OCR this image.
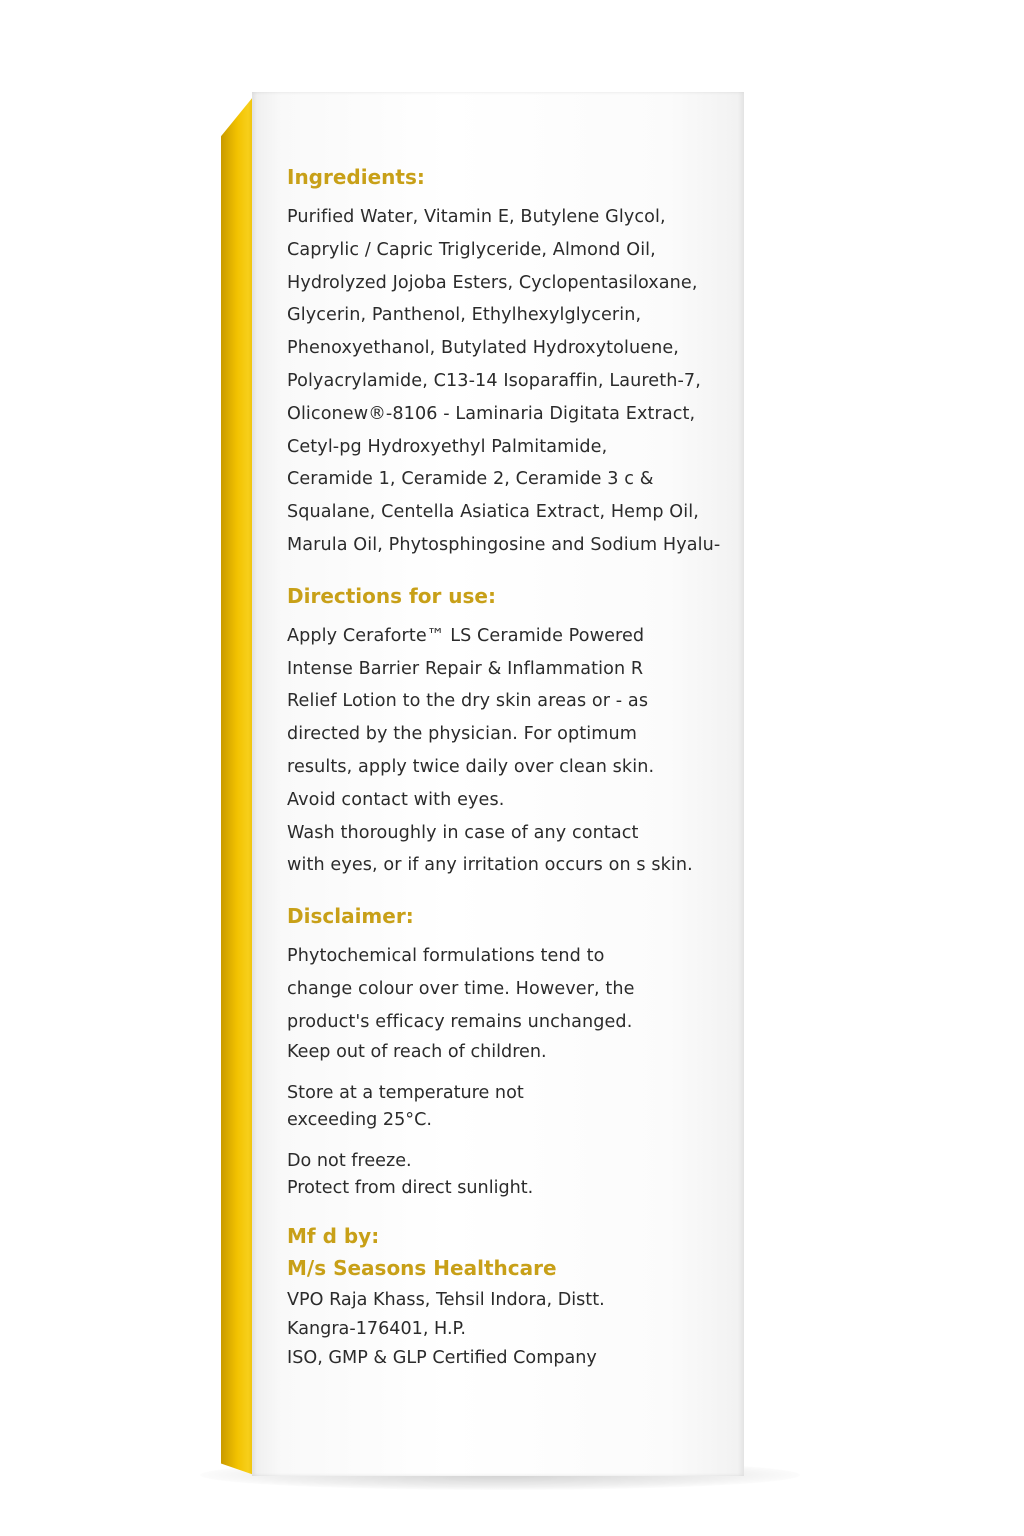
Ingredients:

Purified Water, Vitamin E, Butylene Glycol,
Caprylic / Capric Triglyceride, Almond Oil,
Hydrolyzed Jojoba Esters, Cyclopentasiloxane,
Glycerin, Panthenol, Ethylhexylglycerin,
Phenoxyethanol, Butylated Hydroxytoluene,
Polyacrylamide, C13-14 Isoparaffin, Laureth-7,
Oliconew®-8106 - Laminaria Digitata Extract,
Cetyl-pg Hydroxyethyl Palmitamide,
Ceramide 1, Ceramide 2, Ceramide 3 c &
Squalane, Centella Asiatica Extract, Hemp Oil,
Marula Oil, Phytosphingosine and Sodium Hyalu-

Directions for use:

Apply Ceraforte™ LS Ceramide Powered
Intense Barrier Repair & Inflammation R
Relief Lotion to the dry skin areas or - as
directed by the physician. For optimum
results, apply twice daily over clean skin.
Avoid contact with eyes.
Wash thoroughly in case of any contact
with eyes, or if any irritation occurs on s skin.

Disclaimer:

Phytochemical formulations tend to
change colour over time. However, the
product's efficacy remains unchanged.

Keep out of reach of children.

Store at a temperature not
exceeding 25°C.

Do not freeze.
Protect from direct sunlight.

Mf d by:
M/s Seasons Healthcare

VPO Raja Khass, Tehsil Indora, Distt.
Kangra-176401, H.P.
ISO, GMP & GLP Certified Company
